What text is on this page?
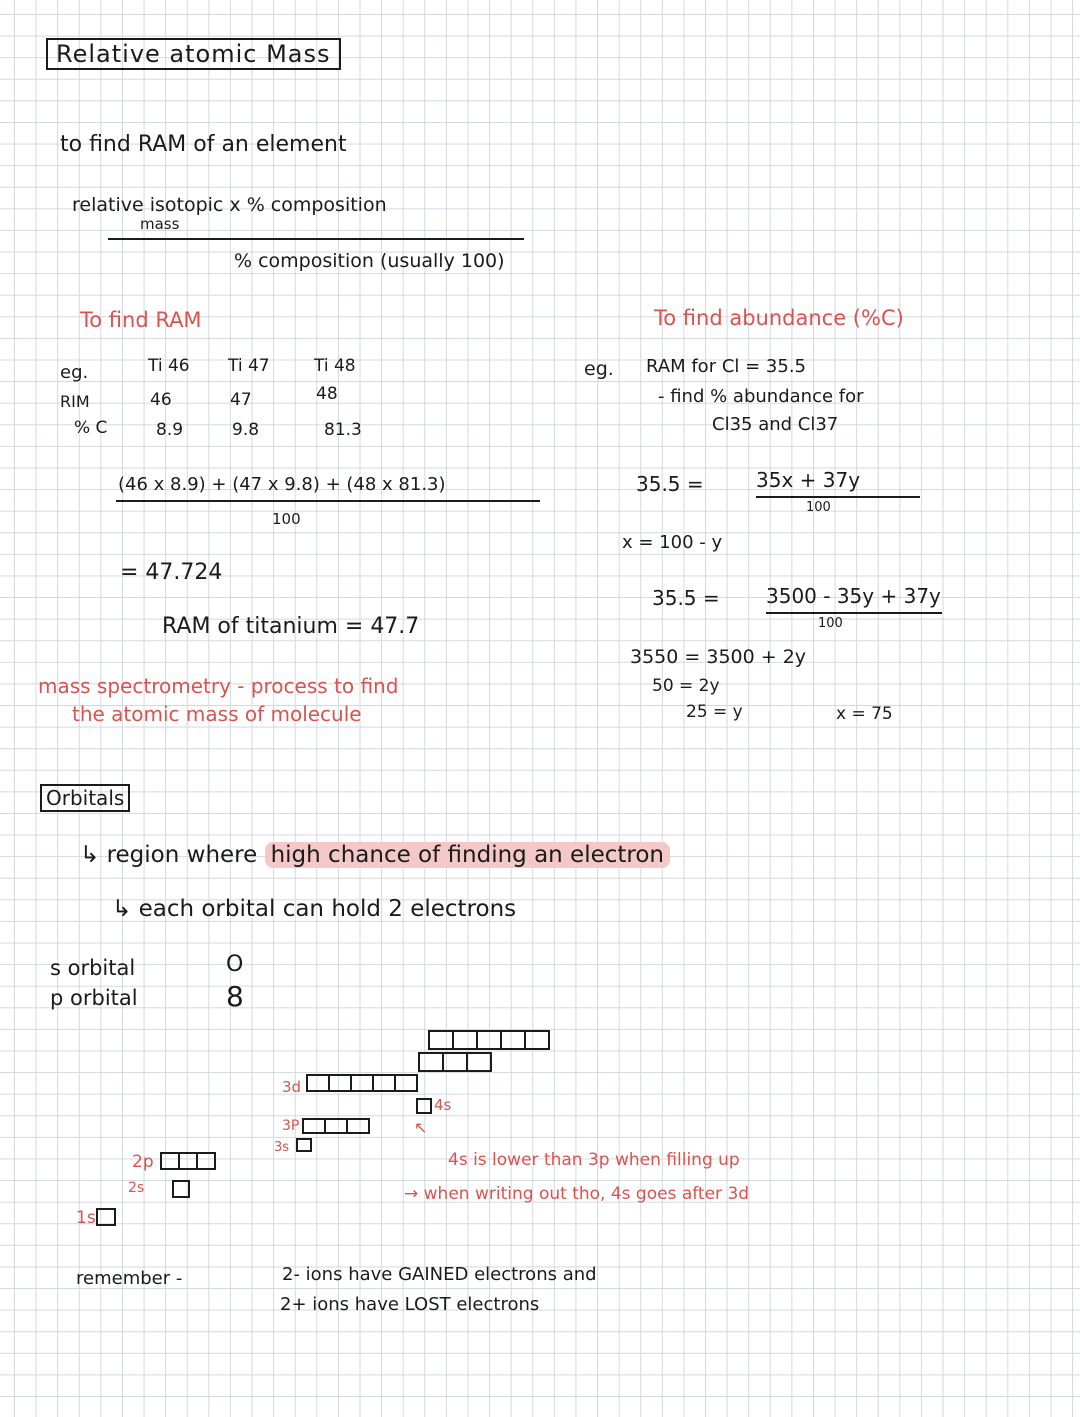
Relative atomic Mass
to find RAM of an element
relative isotopic x % composition
mass
% composition (usually 100)
To find RAM	To find abundance (%C)
eg.	Ti 46 Ti 47	Ti 48
RIM	46	47	48
% C	8.9	9.8	81.3
(46 x 8.9) + (47 x 9.8) + (48 x 81.3)
100
= 47.724
RAM of titanium = 47.7
eg. RAM for Cl = 35.5
- find % abundance for
Cl35 and Cl37
35.5 =	35x + 37y
100
x = 100 - y
35.5 = 3500 - 35y + 37y
100
3550 = 3500 + 2y
50 = 2y
25 = y	x = 75
mass spectrometry - process to find
the atomic mass of molecule
Orbitals
↳ region where high chance of finding an electron
↳ each orbital can hold 2 electrons
s orbital	O
p orbital	8
3d
4s
3P	↖
3s
2p
2s
1s
4s is lower than 3p when filling up
→ when writing out tho, 4s goes after 3d
remember -	2- ions have GAINED electrons and
2+ ions have LOST electrons
